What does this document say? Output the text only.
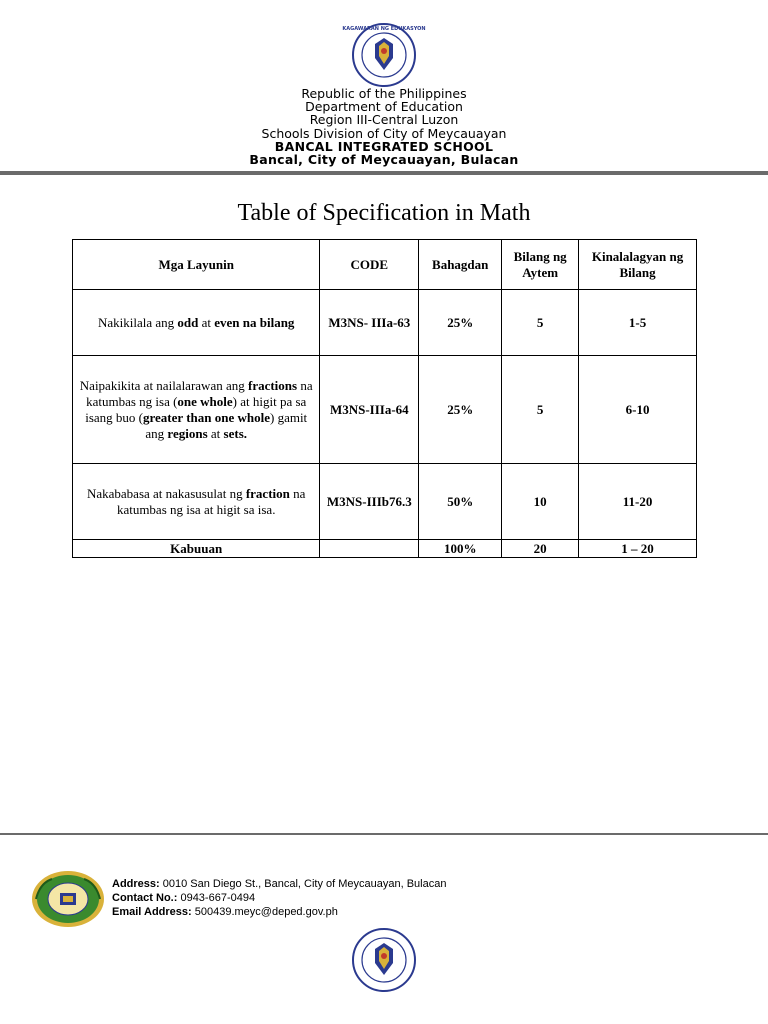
KAGAWARAN NG EDUKASYON
Republic of the Philippines
Department of Education
Region III-Central Luzon
Schools Division of City of Meycauayan
BANCAL INTEGRATED SCHOOL
Bancal, City of Meycauayan, Bulacan
Table of Specification in Math
Mga Layunin	CODE	Bahagdan	Bilang ng Aytem	Kinalalagyan ng Bilang
Nakikilala ang odd at even na bilang	M3NS- IIIa-63	25%	5	1-5
Naipakikita at nailalarawan ang fractions na katumbas ng isa (one whole) at higit pa sa isang buo (greater than one whole) gamit ang regions at sets.	M3NS-IIIa-64	25%	5	6-10
Nakababasa at nakasusulat ng fraction na katumbas ng isa at higit sa isa.	M3NS-IIIb76.3	50%	10	11-20
Kabuuan		100%	20	1 – 20
Address: 0010 San Diego St., Bancal, City of Meycauayan, Bulacan
Contact No.: 0943-667-0494
Email Address: 500439.meyc@deped.gov.ph
